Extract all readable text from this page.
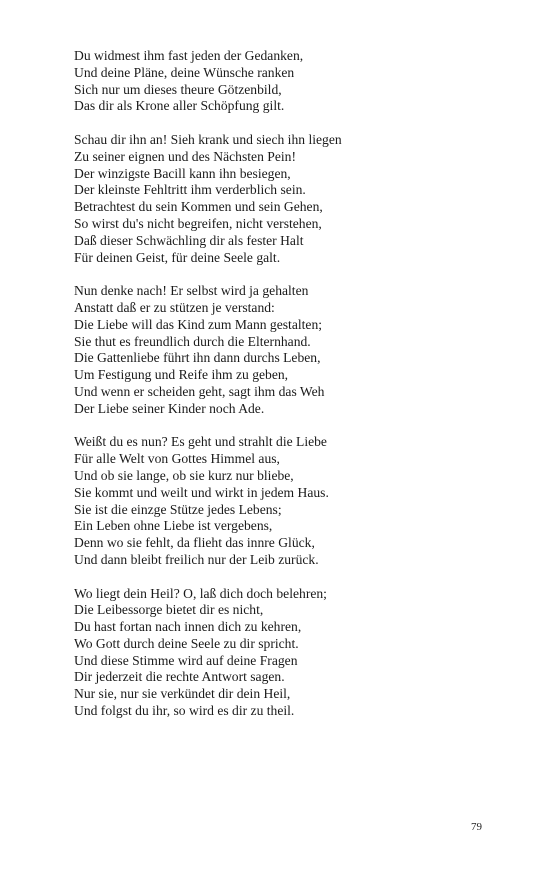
Du widmest ihm fast jeden der Gedanken,
Und deine Pläne, deine Wünsche ranken
Sich nur um dieses theure Götzenbild,
Das dir als Krone aller Schöpfung gilt.
Schau dir ihn an! Sieh krank und siech ihn liegen
Zu seiner eignen und des Nächsten Pein!
Der winzigste Bacill kann ihn besiegen,
Der kleinste Fehltritt ihm verderblich sein.
Betrachtest du sein Kommen und sein Gehen,
So wirst du's nicht begreifen, nicht verstehen,
Daß dieser Schwächling dir als fester Halt
Für deinen Geist, für deine Seele galt.
Nun denke nach! Er selbst wird ja gehalten
Anstatt daß er zu stützen je verstand:
Die Liebe will das Kind zum Mann gestalten;
Sie thut es freundlich durch die Elternhand.
Die Gattenliebe führt ihn dann durchs Leben,
Um Festigung und Reife ihm zu geben,
Und wenn er scheiden geht, sagt ihm das Weh
Der Liebe seiner Kinder noch Ade.
Weißt du es nun? Es geht und strahlt die Liebe
Für alle Welt von Gottes Himmel aus,
Und ob sie lange, ob sie kurz nur bliebe,
Sie kommt und weilt und wirkt in jedem Haus.
Sie ist die einzge Stütze jedes Lebens;
Ein Leben ohne Liebe ist vergebens,
Denn wo sie fehlt, da flieht das innre Glück,
Und dann bleibt freilich nur der Leib zurück.
Wo liegt dein Heil? O, laß dich doch belehren;
Die Leibessorge bietet dir es nicht,
Du hast fortan nach innen dich zu kehren,
Wo Gott durch deine Seele zu dir spricht.
Und diese Stimme wird auf deine Fragen
Dir jederzeit die rechte Antwort sagen.
Nur sie, nur sie verkündet dir dein Heil,
Und folgst du ihr, so wird es dir zu theil.
79
